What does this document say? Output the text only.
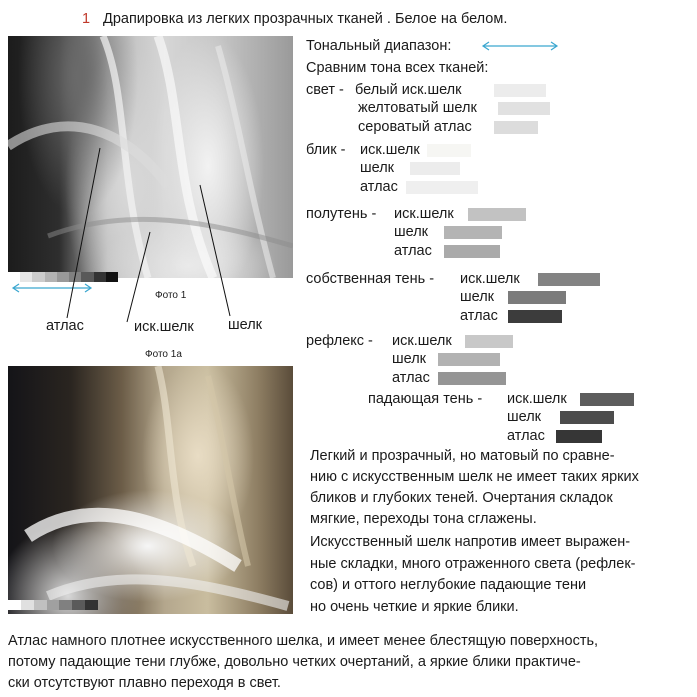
1 Драпировка из легких прозрачных тканей . Белое на белом.
Фото 1
атлас	иск.шелк шелк
Фото 1а
Тональный диапазон:
Сравним тона всех тканей:
свет - белый иск.шелк
желтоватый шелк
сероватый атлас
блик - иск.шелк
шелк
атлас
полутень - иск.шелк
шелк
атлас
собственная тень - иск.шелк
шелк
атлас
рефлекс - иск.шелк
шелк
атлас
падающая тень - иск.шелк
шелк
атлас
Легкий и прозрачный, но матовый по сравне-
нию с искусственным шелк не имеет таких ярких
бликов и глубоких теней. Очертания складок
мягкие, переходы тона сглажены.
Искусственный шелк напротив имеет выражен-
ные складки, много отраженного света (рефлек-
сов) и оттого неглубокие падающие тени
но очень четкие и яркие блики.
Атлас намного плотнее искусственного шелка, и имеет менее блестящую поверхность,
потому падающие тени глубже, довольно четких очертаний, а яркие блики практиче-
ски отсутствуют плавно переходя в свет.
